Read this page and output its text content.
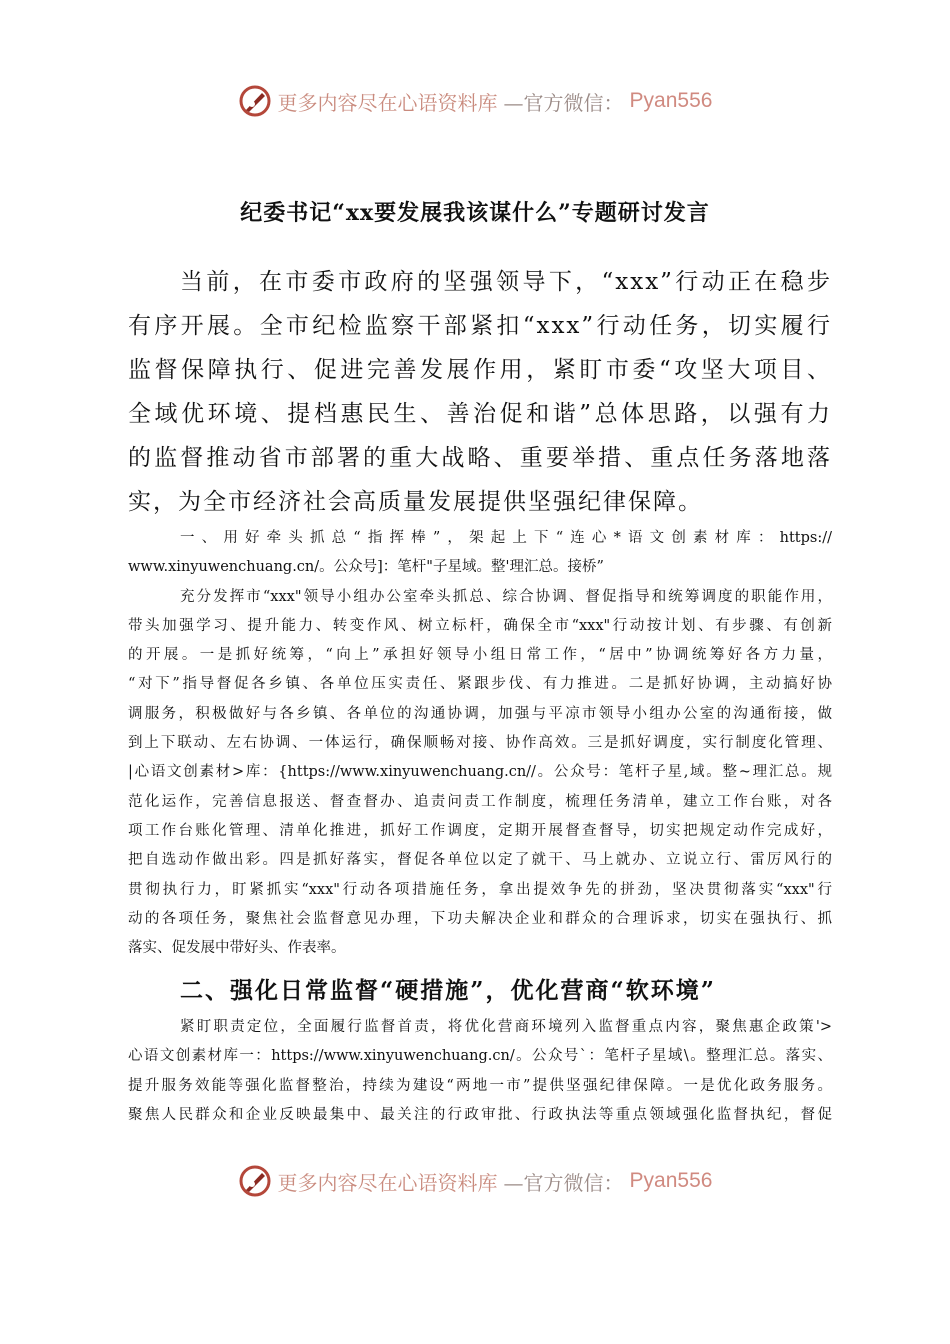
更多内容尽在心语资料库 —官方微信： Pyan556
纪委书记“xx要发展我该谋什么”专题研讨发言
当前，在市委市政府的坚强领导下，“xxx”行动正在稳步
有序开展。全市纪检监察干部紧扣“xxx”行动任务，切实履行
监督保障执行、促进完善发展作用，紧盯市委“攻坚大项目、
全域优环境、提档惠民生、善治促和谐”总体思路，以强有力
的监督推动省市部署的重大战略、重要举措、重点任务落地落
实，为全市经济社会高质量发展提供坚强纪律保障。
一、用好牵头抓总“指挥棒”，架起上下“连心*语文创素材库：https://
www.xinyuwenchuang.cn/。公众号]：笔杆"子星域。整'理汇总。接桥”
充分发挥市“xxx"领导小组办公室牵头抓总、综合协调、督促指导和统筹调度的职能作用，
带头加强学习、提升能力、转变作风、树立标杆，确保全市“xxx"行动按计划、有步骤、有创新
的开展。一是抓好统筹，“向上”承担好领导小组日常工作，“居中”协调统筹好各方力量，
“对下”指导督促各乡镇、各单位压实责任、紧跟步伐、有力推进。二是抓好协调，主动搞好协
调服务，积极做好与各乡镇、各单位的沟通协调，加强与平凉市领导小组办公室的沟通衔接，做
到上下联动、左右协调、一体运行，确保顺畅对接、协作高效。三是抓好调度，实行制度化管理、
|心语文创素材>库：{https://www.xinyuwenchuang.cn//。公众号：笔杆子星,域。整~理汇总。规
范化运作，完善信息报送、督查督办、追责问责工作制度，梳理任务清单，建立工作台账，对各
项工作台账化管理、清单化推进，抓好工作调度，定期开展督查督导，切实把规定动作完成好，
把自选动作做出彩。四是抓好落实，督促各单位以定了就干、马上就办、立说立行、雷厉风行的
贯彻执行力，盯紧抓实“xxx"行动各项措施任务，拿出提效争先的拼劲，坚决贯彻落实“xxx"行
动的各项任务，聚焦社会监督意见办理，下功夫解决企业和群众的合理诉求，切实在强执行、抓
落实、促发展中带好头、作表率。
二、强化日常监督“硬措施”，优化营商“软环境”
紧盯职责定位，全面履行监督首责，将优化营商环境列入监督重点内容，聚焦惠企政策'>
心语文创素材库一：https://www.xinyuwenchuang.cn/。公众号`：笔杆子星域\。整理汇总。落实、
提升服务效能等强化监督整治，持续为建设“两地一市”提供坚强纪律保障。一是优化政务服务。
聚焦人民群众和企业反映最集中、最关注的行政审批、行政执法等重点领域强化监督执纪，督促
更多内容尽在心语资料库 —官方微信： Pyan556
